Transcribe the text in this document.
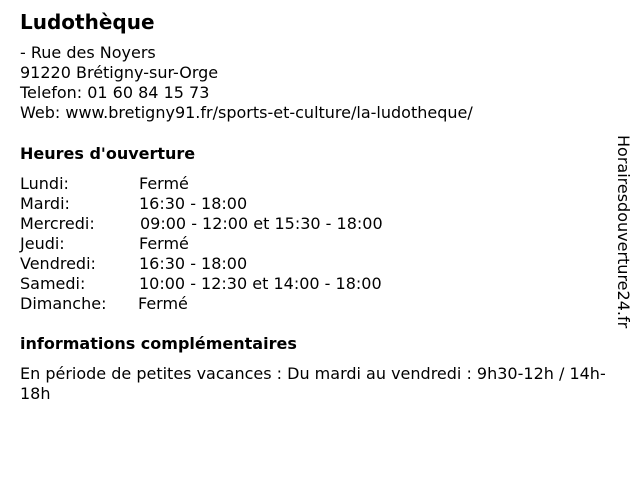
Ludothèque
- Rue des Noyers
91220 Brétigny-sur-Orge
Telefon: 01 60 84 15 73
Web: www.bretigny91.fr/sports-et-culture/la-ludotheque/
Heures d'ouverture
Lundi:	Fermé
Mardi:	16:30 - 18:00
Mercredi:	09:00 - 12:00 et 15:30 - 18:00
Jeudi:	Fermé
Vendredi:	16:30 - 18:00
Samedi:	10:00 - 12:30 et 14:00 - 18:00
Dimanche: Fermé
informations complémentaires
En période de petites vacances : Du mardi au vendredi : 9h30-12h / 14h-18h
Horairesdouverture24.fr
